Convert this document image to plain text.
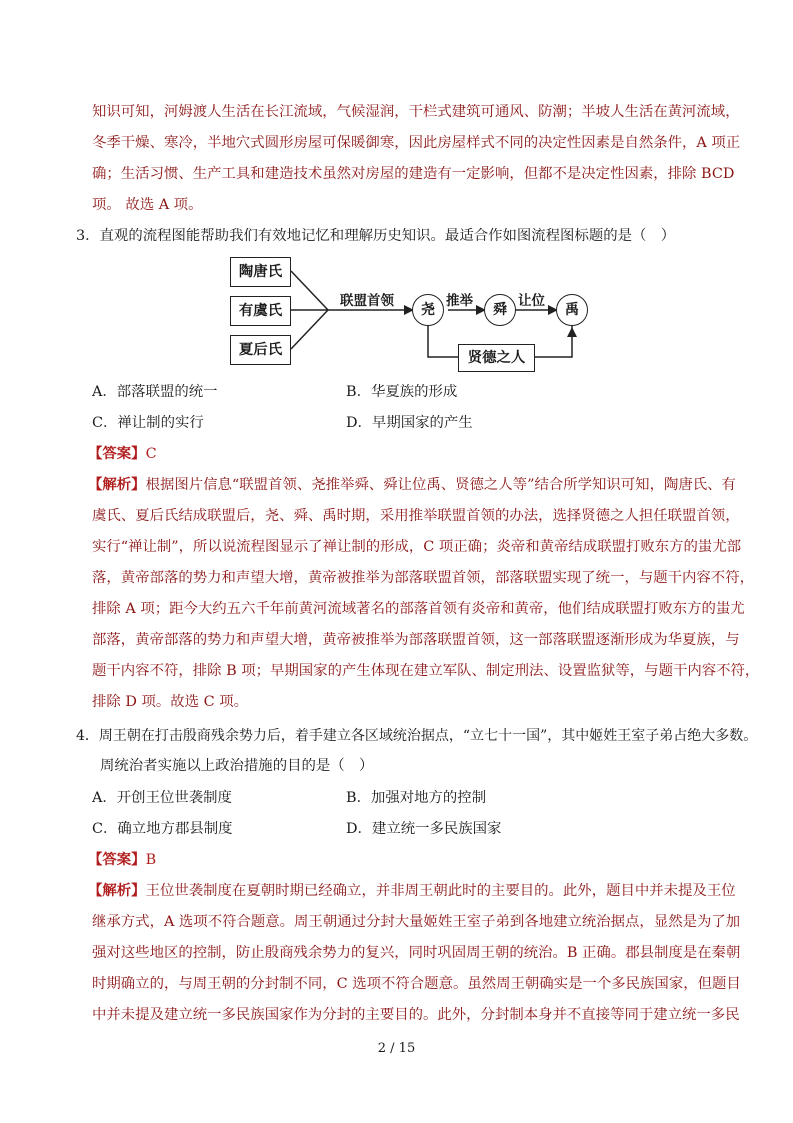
知识可知，河姆渡人生活在长江流域，气候湿润，干栏式建筑可通风、防潮；半坡人生活在黄河流域，
冬季干燥、寒冷，半地穴式圆形房屋可保暖御寒，因此房屋样式不同的决定性因素是自然条件，A 项正
确；生活习惯、生产工具和建造技术虽然对房屋的建造有一定影响，但都不是决定性因素，排除 BCD
项。 故选 A 项。
3．直观的流程图能帮助我们有效地记忆和理解历史知识。最适合作如图流程图标题的是（　）
陶唐氏
有虞氏
夏后氏
联盟首领	推举	让位
尧	舜	禹
贤德之人
A．部落联盟的统一	B．华夏族的形成
C．禅让制的实行	D．早期国家的产生
【答案】C
【解析】根据图片信息“联盟首领、尧推举舜、舜让位禹、贤德之人等”结合所学知识可知，陶唐氏、有
虞氏、夏后氏结成联盟后，尧、舜、禹时期，采用推举联盟首领的办法，选择贤德之人担任联盟首领，
实行“禅让制”，所以说流程图显示了禅让制的形成，C 项正确；炎帝和黄帝结成联盟打败东方的蚩尤部
落，黄帝部落的势力和声望大增，黄帝被推举为部落联盟首领，部落联盟实现了统一，与题干内容不符，
排除 A 项；距今大约五六千年前黄河流域著名的部落首领有炎帝和黄帝，他们结成联盟打败东方的蚩尤
部落，黄帝部落的势力和声望大增，黄帝被推举为部落联盟首领，这一部落联盟逐渐形成为华夏族，与
题干内容不符，排除 B 项；早期国家的产生体现在建立军队、制定刑法、设置监狱等，与题干内容不符，
排除 D 项。故选 C 项。
4．周王朝在打击殷商残余势力后，着手建立各区域统治据点，“立七十一国”，其中姬姓王室子弟占绝大多数。
周统治者实施以上政治措施的目的是（　）
A．开创王位世袭制度	B．加强对地方的控制
C．确立地方郡县制度	D．建立统一多民族国家
【答案】B
【解析】王位世袭制度在夏朝时期已经确立，并非周王朝此时的主要目的。此外，题目中并未提及王位
继承方式，A 选项不符合题意。周王朝通过分封大量姬姓王室子弟到各地建立统治据点，显然是为了加
强对这些地区的控制，防止殷商残余势力的复兴，同时巩固周王朝的统治。B 正确。郡县制度是在秦朝
时期确立的，与周王朝的分封制不同，C 选项不符合题意。虽然周王朝确实是一个多民族国家，但题目
中并未提及建立统一多民族国家作为分封的主要目的。此外，分封制本身并不直接等同于建立统一多民
2 / 15
